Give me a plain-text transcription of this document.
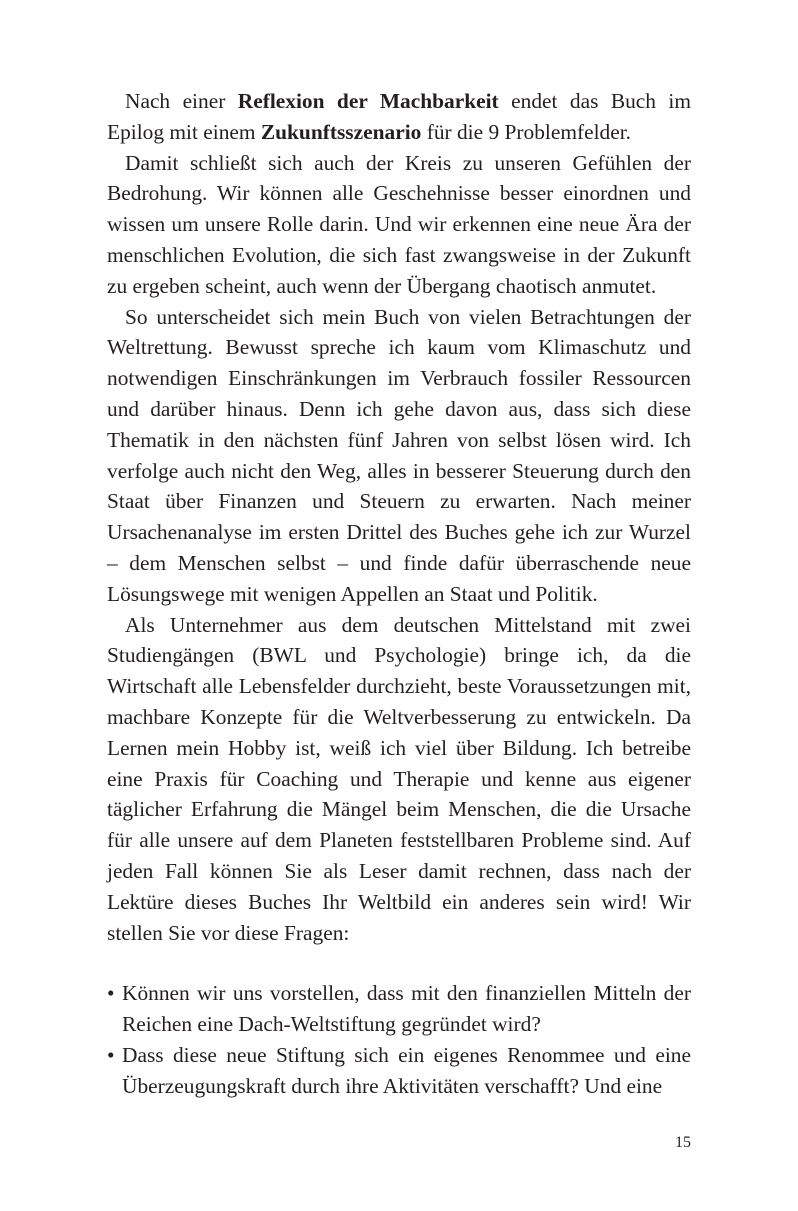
Nach einer Reflexion der Machbarkeit endet das Buch im Epilog mit einem Zukunftsszenario für die 9 Problemfelder.

Damit schließt sich auch der Kreis zu unseren Gefühlen der Bedrohung. Wir können alle Geschehnisse besser einordnen und wissen um unsere Rolle darin. Und wir erkennen eine neue Ära der menschlichen Evolution, die sich fast zwangsweise in der Zukunft zu ergeben scheint, auch wenn der Übergang chaotisch anmutet.

So unterscheidet sich mein Buch von vielen Betrachtungen der Weltrettung. Bewusst spreche ich kaum vom Klimaschutz und notwendigen Einschränkungen im Verbrauch fossiler Ressourcen und darüber hinaus. Denn ich gehe davon aus, dass sich diese Thematik in den nächsten fünf Jahren von selbst lösen wird. Ich verfolge auch nicht den Weg, alles in besserer Steuerung durch den Staat über Finanzen und Steuern zu erwarten. Nach meiner Ursachenanalyse im ersten Drittel des Buches gehe ich zur Wurzel – dem Menschen selbst – und finde dafür überraschende neue Lösungswege mit wenigen Appellen an Staat und Politik.

Als Unternehmer aus dem deutschen Mittelstand mit zwei Studiengängen (BWL und Psychologie) bringe ich, da die Wirtschaft alle Lebensfelder durchzieht, beste Voraussetzungen mit, machbare Konzepte für die Weltverbesserung zu entwickeln. Da Lernen mein Hobby ist, weiß ich viel über Bildung. Ich betreibe eine Praxis für Coaching und Therapie und kenne aus eigener täglicher Erfahrung die Mängel beim Menschen, die die Ursache für alle unsere auf dem Planeten feststellbaren Probleme sind. Auf jeden Fall können Sie als Leser damit rechnen, dass nach der Lektüre dieses Buches Ihr Weltbild ein anderes sein wird! Wir stellen Sie vor diese Fragen:

• Können wir uns vorstellen, dass mit den finanziellen Mitteln der Reichen eine Dach-Weltstiftung gegründet wird?
• Dass diese neue Stiftung sich ein eigenes Renommee und eine Überzeugungskraft durch ihre Aktivitäten verschafft? Und eine
15
